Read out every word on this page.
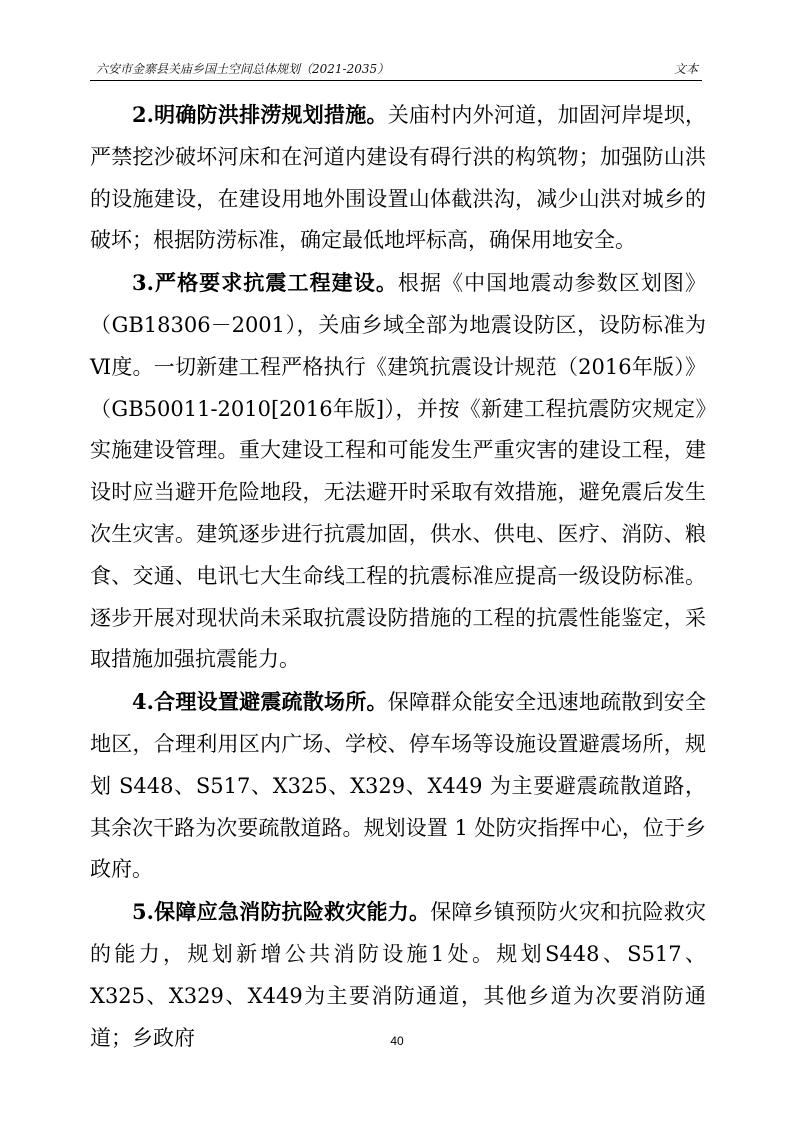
六安市金寨县关庙乡国土空间总体规划（2021-2035）	文本

2.明确防洪排涝规划措施。关庙村内外河道，加固河岸堤坝，严禁挖沙破坏河床和在河道内建设有碍行洪的构筑物；加强防山洪的设施建设，在建设用地外围设置山体截洪沟，减少山洪对城乡的破坏；根据防涝标准，确定最低地坪标高，确保用地安全。

3.严格要求抗震工程建设。根据《中国地震动参数区划图》（GB18306－2001），关庙乡域全部为地震设防区，设防标准为Ⅵ度。一切新建工程严格执行《建筑抗震设计规范（2016年版）》（GB50011-2010[2016年版]），并按《新建工程抗震防灾规定》实施建设管理。重大建设工程和可能发生严重灾害的建设工程，建设时应当避开危险地段，无法避开时采取有效措施，避免震后发生次生灾害。建筑逐步进行抗震加固，供水、供电、医疗、消防、粮食、交通、电讯七大生命线工程的抗震标准应提高一级设防标准。逐步开展对现状尚未采取抗震设防措施的工程的抗震性能鉴定，采取措施加强抗震能力。

4.合理设置避震疏散场所。保障群众能安全迅速地疏散到安全地区，合理利用区内广场、学校、停车场等设施设置避震场所，规划 S448、S517、X325、X329、X449 为主要避震疏散道路，其余次干路为次要疏散道路。规划设置 1 处防灾指挥中心，位于乡政府。

5.保障应急消防抗险救灾能力。保障乡镇预防火灾和抗险救灾的能力，规划新增公共消防设施1处。规划S448、S517、X325、X329、X449为主要消防通道，其他乡道为次要消防通道；乡政府	40
